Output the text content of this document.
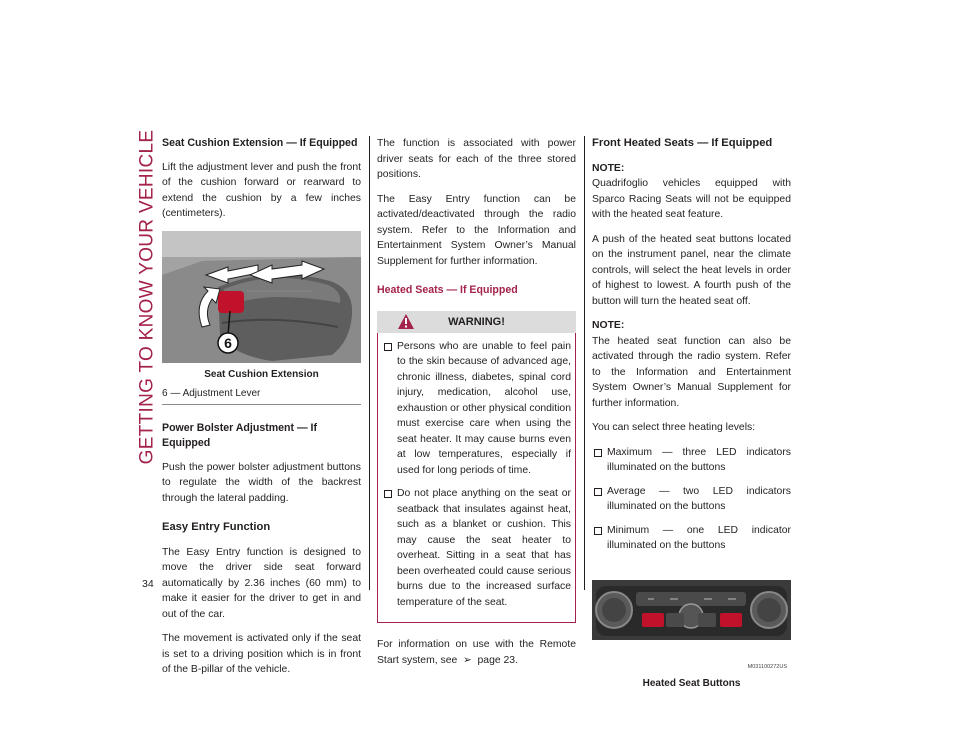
GETTING TO KNOW YOUR VEHICLE
34
Seat Cushion Extension — If Equipped

Lift the adjustment lever and push the front of the cushion forward or rearward to extend the cushion by a few inches (centimeters).

6
Seat Cushion Extension
6 — Adjustment Lever
Power Bolster Adjustment — If Equipped

Push the power bolster adjustment buttons to regulate the width of the backrest through the lateral padding.

Easy Entry Function

The Easy Entry function is designed to move the driver side seat forward automatically by 2.36 inches (60 mm) to make it easier for the driver to get in and out of the car.

The movement is activated only if the seat is set to a driving position which is in front of the B-pillar of the vehicle.

The function is associated with power driver seats for each of the three stored positions.

The Easy Entry function can be activated/deactivated through the radio system. Refer to the Information and Entertainment System Owner’s Manual Supplement for further information.

Heated Seats — If Equipped
WARNING!

Persons who are unable to feel pain to the skin because of advanced age, chronic illness, diabetes, spinal cord injury, medication, alcohol use, exhaustion or other physical condition must exercise care when using the seat heater. It may cause burns even at low temperatures, especially if used for long periods of time.

Do not place anything on the seat or seatback that insulates against heat, such as a blanket or cushion. This may cause the seat heater to overheat. Sitting in a seat that has been overheated could cause serious burns due to the increased surface temperature of the seat.

For information on use with the Remote Start system, see  ➢  page 23.

Front Heated Seats — If Equipped
NOTE:

Quadrifoglio vehicles equipped with Sparco Racing Seats will not be equipped with the heated seat feature.

A push of the heated seat buttons located on the instrument panel, near the climate controls, will select the heat levels in order of highest to lowest. A fourth push of the button will turn the heated seat off.

NOTE:

The heated seat function can also be activated through the radio system. Refer to the Information and Entertainment System Owner’s Manual Supplement for further information.

You can select three heating levels:

Maximum — three LED indicators illuminated on the buttons

Average — two LED indicators illuminated on the buttons

Minimum — one LED indicator illuminated on the buttons

M031100272US
Heated Seat Buttons
